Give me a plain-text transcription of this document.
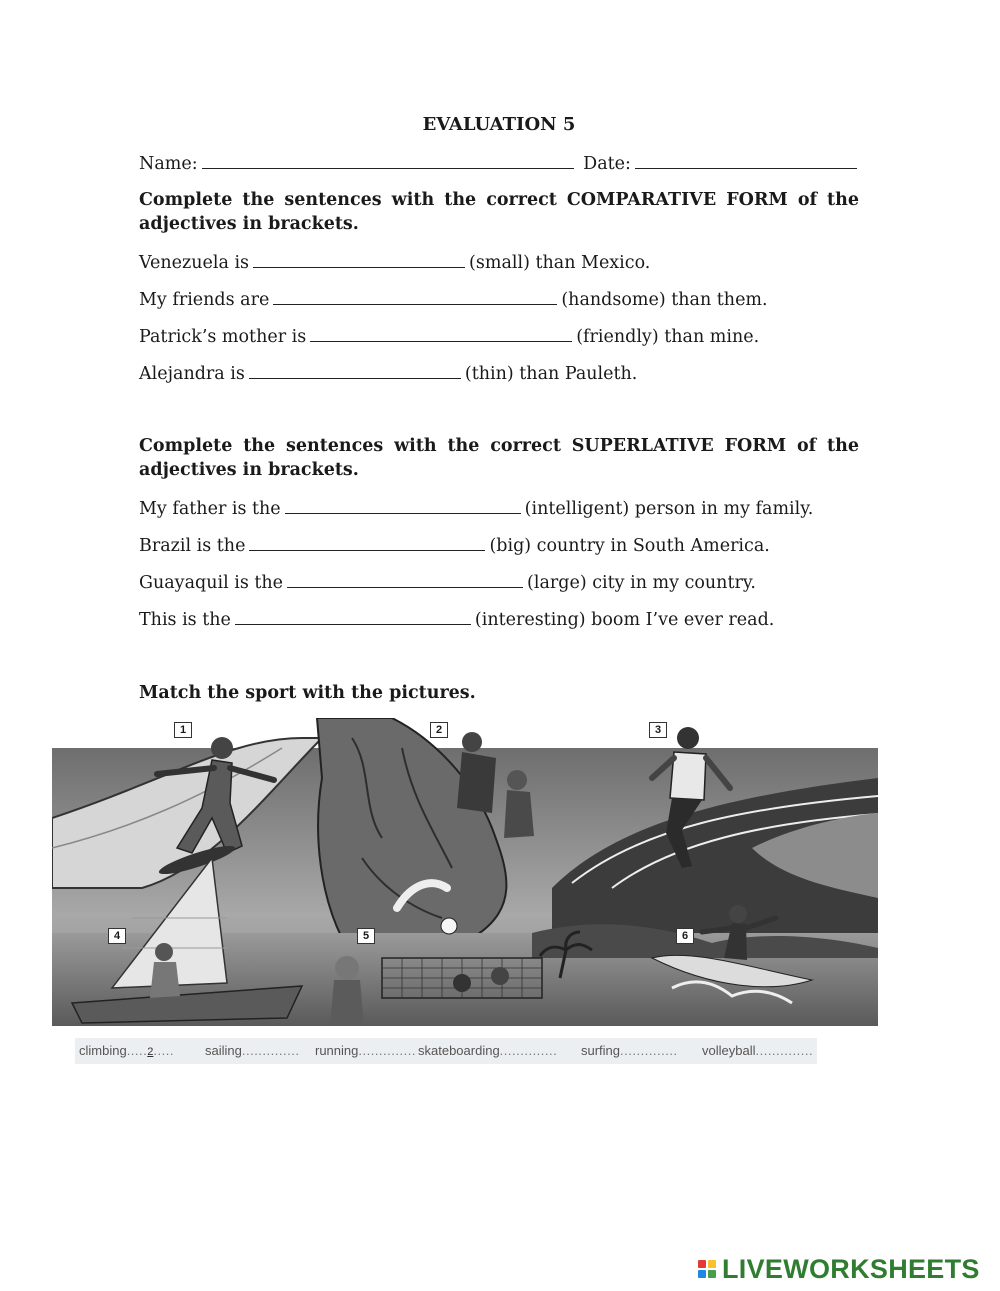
EVALUATION 5
Name:	Date:
Complete the sentences with the correct COMPARATIVE FORM of the adjectives in brackets.
Venezuela is	(small) than Mexico.
My friends are	(handsome) than them.
Patrick’s mother is	(friendly) than mine.
Alejandra is	(thin) than Pauleth.
Complete the sentences with the correct SUPERLATIVE FORM of the adjectives in brackets.
My father is the	(intelligent) person in my family.
Brazil is the	(big) country in South America.
Guayaquil is the	(large) city in my country.
This is the	(interesting) boom I’ve ever read.
Match the sport with the pictures.
1	2	3
4	5	6
climbing.....2..... sailing.............. running.............. skateboarding.............. surfing.............. volleyball..............
LIVEWORKSHEETS
